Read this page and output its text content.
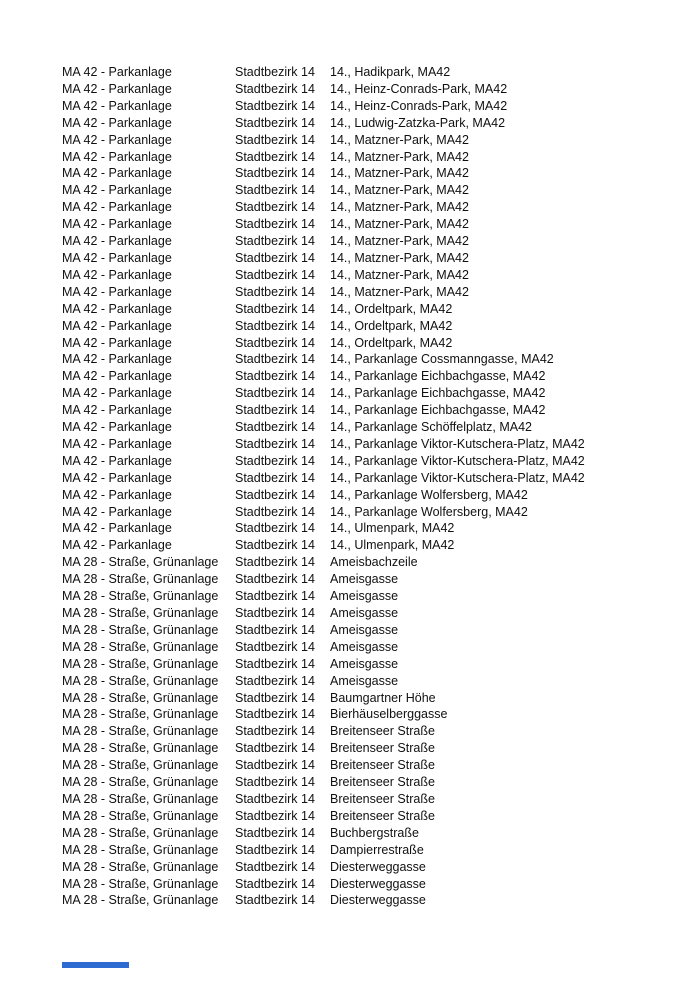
MA 42 - Parkanlage	Stadtbezirk 14	14., Hadikpark, MA42
MA 42 - Parkanlage	Stadtbezirk 14	14., Heinz-Conrads-Park, MA42
MA 42 - Parkanlage	Stadtbezirk 14	14., Heinz-Conrads-Park, MA42
MA 42 - Parkanlage	Stadtbezirk 14	14., Ludwig-Zatzka-Park, MA42
MA 42 - Parkanlage	Stadtbezirk 14	14., Matzner-Park, MA42
MA 42 - Parkanlage	Stadtbezirk 14	14., Matzner-Park, MA42
MA 42 - Parkanlage	Stadtbezirk 14	14., Matzner-Park, MA42
MA 42 - Parkanlage	Stadtbezirk 14	14., Matzner-Park, MA42
MA 42 - Parkanlage	Stadtbezirk 14	14., Matzner-Park, MA42
MA 42 - Parkanlage	Stadtbezirk 14	14., Matzner-Park, MA42
MA 42 - Parkanlage	Stadtbezirk 14	14., Matzner-Park, MA42
MA 42 - Parkanlage	Stadtbezirk 14	14., Matzner-Park, MA42
MA 42 - Parkanlage	Stadtbezirk 14	14., Matzner-Park, MA42
MA 42 - Parkanlage	Stadtbezirk 14	14., Matzner-Park, MA42
MA 42 - Parkanlage	Stadtbezirk 14	14., Ordeltpark, MA42
MA 42 - Parkanlage	Stadtbezirk 14	14., Ordeltpark, MA42
MA 42 - Parkanlage	Stadtbezirk 14	14., Ordeltpark, MA42
MA 42 - Parkanlage	Stadtbezirk 14	14., Parkanlage Cossmanngasse, MA42
MA 42 - Parkanlage	Stadtbezirk 14	14., Parkanlage Eichbachgasse, MA42
MA 42 - Parkanlage	Stadtbezirk 14	14., Parkanlage Eichbachgasse, MA42
MA 42 - Parkanlage	Stadtbezirk 14	14., Parkanlage Eichbachgasse, MA42
MA 42 - Parkanlage	Stadtbezirk 14	14., Parkanlage Schöffelplatz, MA42
MA 42 - Parkanlage	Stadtbezirk 14	14., Parkanlage Viktor-Kutschera-Platz, MA42
MA 42 - Parkanlage	Stadtbezirk 14	14., Parkanlage Viktor-Kutschera-Platz, MA42
MA 42 - Parkanlage	Stadtbezirk 14	14., Parkanlage Viktor-Kutschera-Platz, MA42
MA 42 - Parkanlage	Stadtbezirk 14	14., Parkanlage Wolfersberg, MA42
MA 42 - Parkanlage	Stadtbezirk 14	14., Parkanlage Wolfersberg, MA42
MA 42 - Parkanlage	Stadtbezirk 14	14., Ulmenpark, MA42
MA 42 - Parkanlage	Stadtbezirk 14	14., Ulmenpark, MA42
MA 28 - Straße, Grünanlage	Stadtbezirk 14	Ameisbachzeile
MA 28 - Straße, Grünanlage	Stadtbezirk 14	Ameisgasse
MA 28 - Straße, Grünanlage	Stadtbezirk 14	Ameisgasse
MA 28 - Straße, Grünanlage	Stadtbezirk 14	Ameisgasse
MA 28 - Straße, Grünanlage	Stadtbezirk 14	Ameisgasse
MA 28 - Straße, Grünanlage	Stadtbezirk 14	Ameisgasse
MA 28 - Straße, Grünanlage	Stadtbezirk 14	Ameisgasse
MA 28 - Straße, Grünanlage	Stadtbezirk 14	Ameisgasse
MA 28 - Straße, Grünanlage	Stadtbezirk 14	Baumgartner Höhe
MA 28 - Straße, Grünanlage	Stadtbezirk 14	Bierhäuselberggasse
MA 28 - Straße, Grünanlage	Stadtbezirk 14	Breitenseer Straße
MA 28 - Straße, Grünanlage	Stadtbezirk 14	Breitenseer Straße
MA 28 - Straße, Grünanlage	Stadtbezirk 14	Breitenseer Straße
MA 28 - Straße, Grünanlage	Stadtbezirk 14	Breitenseer Straße
MA 28 - Straße, Grünanlage	Stadtbezirk 14	Breitenseer Straße
MA 28 - Straße, Grünanlage	Stadtbezirk 14	Breitenseer Straße
MA 28 - Straße, Grünanlage	Stadtbezirk 14	Buchbergstraße
MA 28 - Straße, Grünanlage	Stadtbezirk 14	Dampierrestraße
MA 28 - Straße, Grünanlage	Stadtbezirk 14	Diesterweggasse
MA 28 - Straße, Grünanlage	Stadtbezirk 14	Diesterweggasse
MA 28 - Straße, Grünanlage	Stadtbezirk 14	Diesterweggasse
